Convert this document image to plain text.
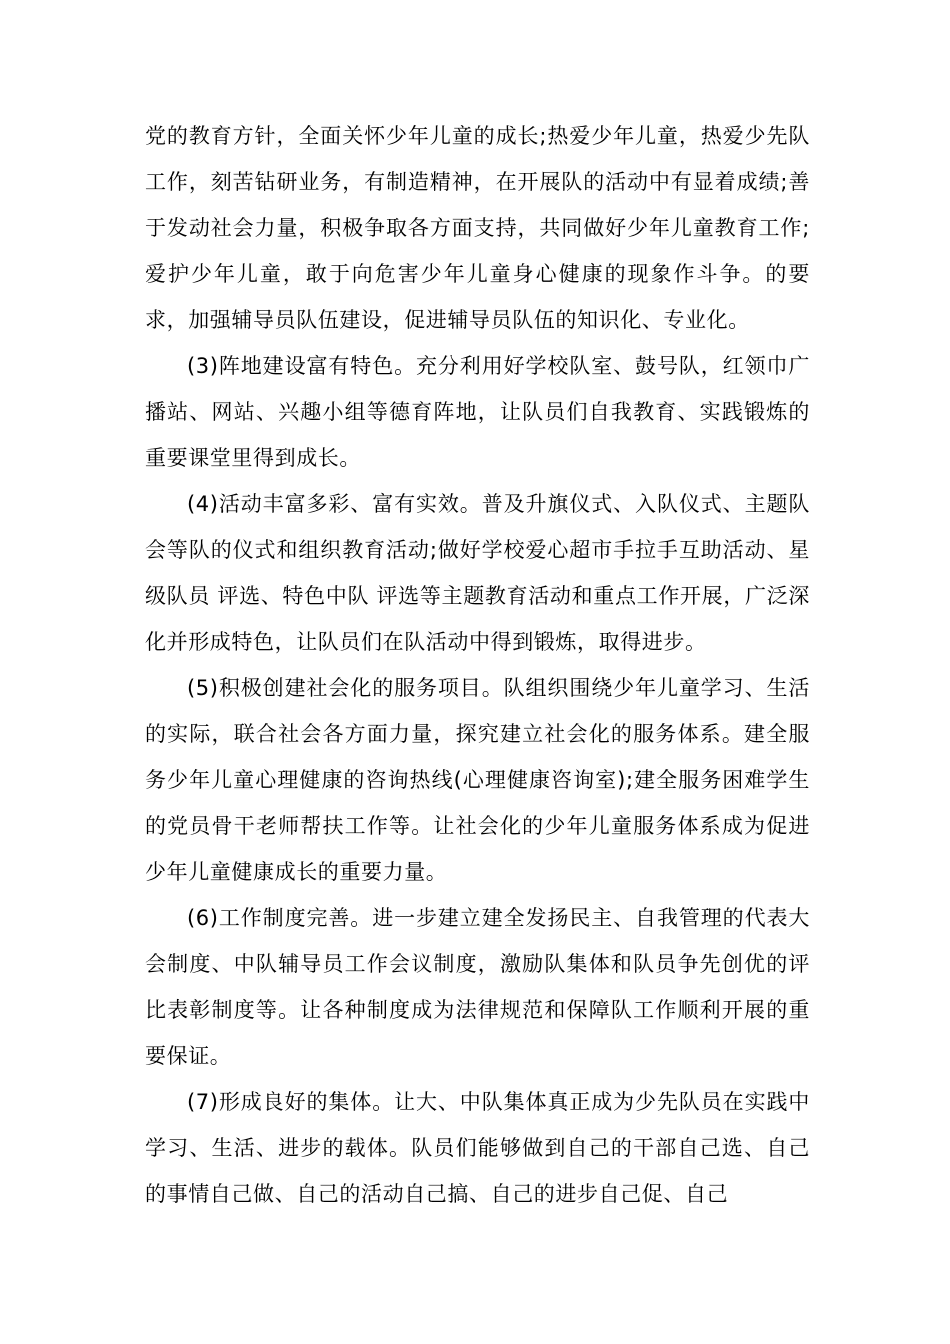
党的教育方针，全面关怀少年儿童的成长;热爱少年儿童，热爱少先队工作，刻苦钻研业务，有制造精神，在开展队的活动中有显着成绩;善于发动社会力量，积极争取各方面支持，共同做好少年儿童教育工作;爱护少年儿童，敢于向危害少年儿童身心健康的现象作斗争。的要求，加强辅导员队伍建设，促进辅导员队伍的知识化、专业化。

(3)阵地建设富有特色。充分利用好学校队室、鼓号队，红领巾广播站、网站、兴趣小组等德育阵地，让队员们自我教育、实践锻炼的重要课堂里得到成长。

(4)活动丰富多彩、富有实效。普及升旗仪式、入队仪式、主题队会等队的仪式和组织教育活动;做好学校爱心超市手拉手互助活动、星级队员 评选、特色中队 评选等主题教育活动和重点工作开展，广泛深化并形成特色，让队员们在队活动中得到锻炼，取得进步。

(5)积极创建社会化的服务项目。队组织围绕少年儿童学习、生活的实际，联合社会各方面力量，探究建立社会化的服务体系。建全服务少年儿童心理健康的咨询热线(心理健康咨询室);建全服务困难学生的党员骨干老师帮扶工作等。让社会化的少年儿童服务体系成为促进少年儿童健康成长的重要力量。

(6)工作制度完善。进一步建立建全发扬民主、自我管理的代表大会制度、中队辅导员工作会议制度，激励队集体和队员争先创优的评比表彰制度等。让各种制度成为法律规范和保障队工作顺利开展的重要保证。

(7)形成良好的集体。让大、中队集体真正成为少先队员在实践中学习、生活、进步的载体。队员们能够做到自己的干部自己选、自己的事情自己做、自己的活动自己搞、自己的进步自己促、自己
